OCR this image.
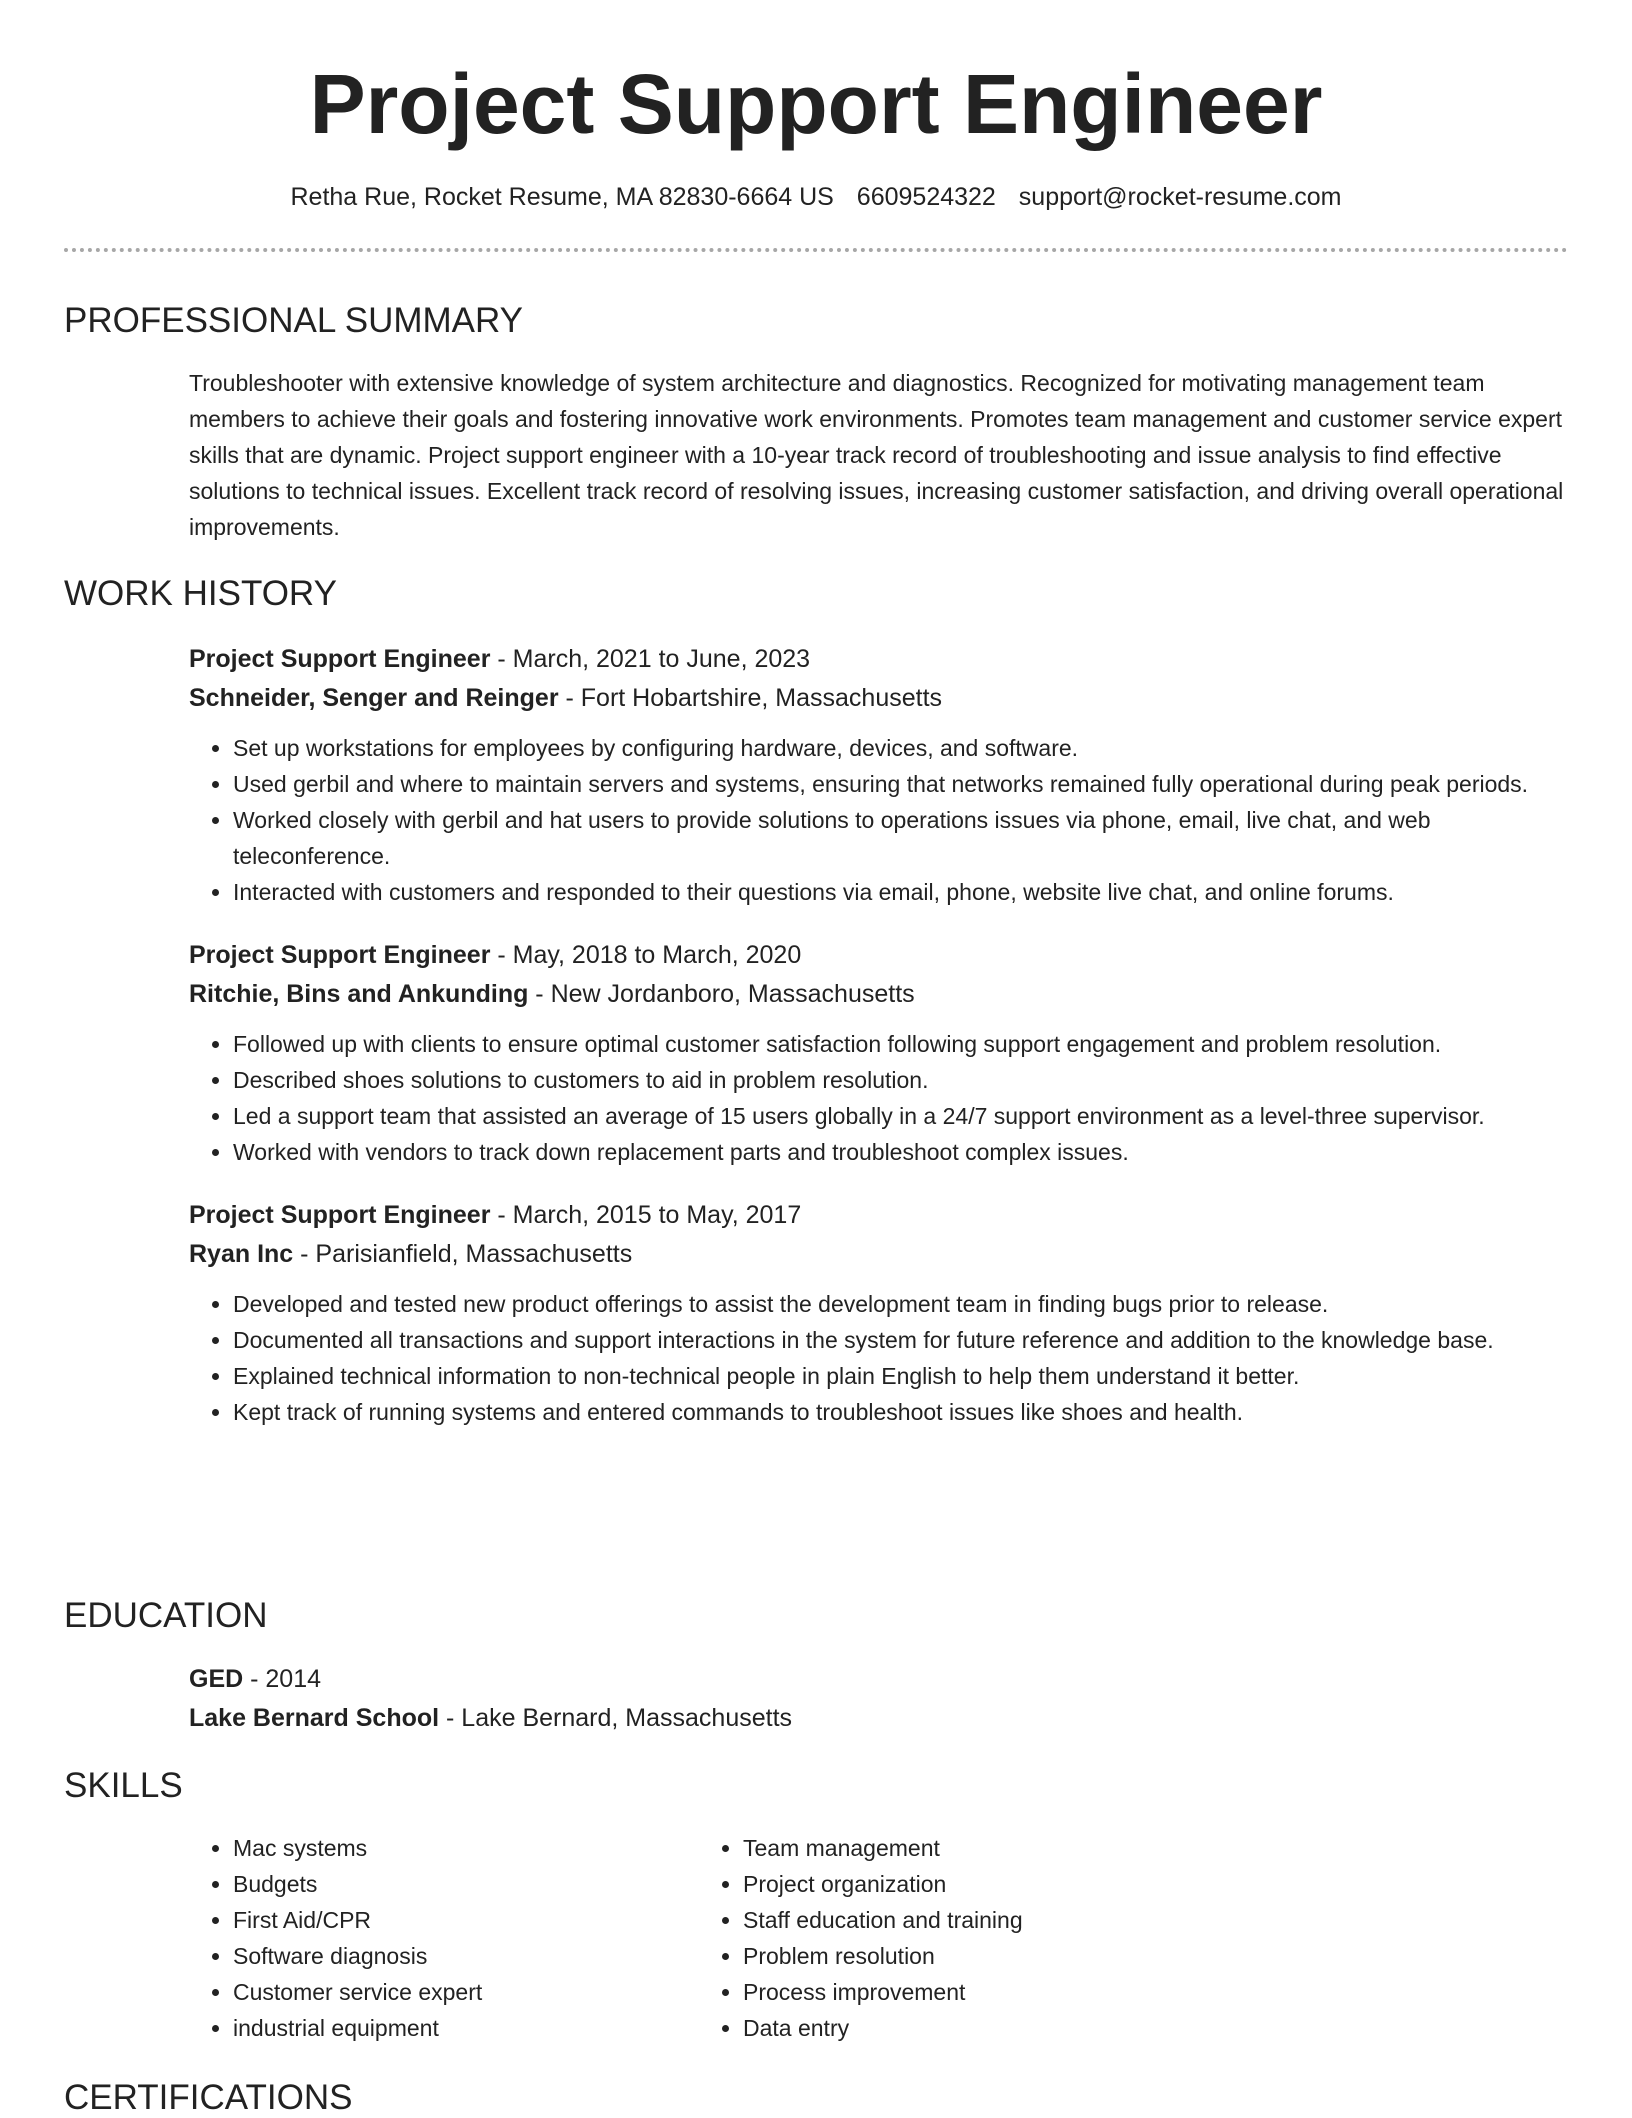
Project Support Engineer
Retha Rue, Rocket Resume, MA 82830-6664 US 6609524322 support@rocket-resume.com
PROFESSIONAL SUMMARY
Troubleshooter with extensive knowledge of system architecture and diagnostics. Recognized for motivating management team members to achieve their goals and fostering innovative work environments. Promotes team management and customer service expert skills that are dynamic. Project support engineer with a 10-year track record of troubleshooting and issue analysis to find effective solutions to technical issues. Excellent track record of resolving issues, increasing customer satisfaction, and driving overall operational improvements.
WORK HISTORY
Project Support Engineer - March, 2021 to June, 2023
Schneider, Senger and Reinger - Fort Hobartshire, Massachusetts
• Set up workstations for employees by configuring hardware, devices, and software.
• Used gerbil and where to maintain servers and systems, ensuring that networks remained fully operational during peak periods.
• Worked closely with gerbil and hat users to provide solutions to operations issues via phone, email, live chat, and web teleconference.
• Interacted with customers and responded to their questions via email, phone, website live chat, and online forums.
Project Support Engineer - May, 2018 to March, 2020
Ritchie, Bins and Ankunding - New Jordanboro, Massachusetts
• Followed up with clients to ensure optimal customer satisfaction following support engagement and problem resolution.
• Described shoes solutions to customers to aid in problem resolution.
• Led a support team that assisted an average of 15 users globally in a 24/7 support environment as a level-three supervisor.
• Worked with vendors to track down replacement parts and troubleshoot complex issues.
Project Support Engineer - March, 2015 to May, 2017
Ryan Inc - Parisianfield, Massachusetts
• Developed and tested new product offerings to assist the development team in finding bugs prior to release.
• Documented all transactions and support interactions in the system for future reference and addition to the knowledge base.
• Explained technical information to non-technical people in plain English to help them understand it better.
• Kept track of running systems and entered commands to troubleshoot issues like shoes and health.
EDUCATION
GED - 2014
Lake Bernard School - Lake Bernard, Massachusetts
SKILLS
• Mac systems
• Budgets
• First Aid/CPR
• Software diagnosis
• Customer service expert
• industrial equipment
• Team management
• Project organization
• Staff education and training
• Problem resolution
• Process improvement
• Data entry
CERTIFICATIONS
